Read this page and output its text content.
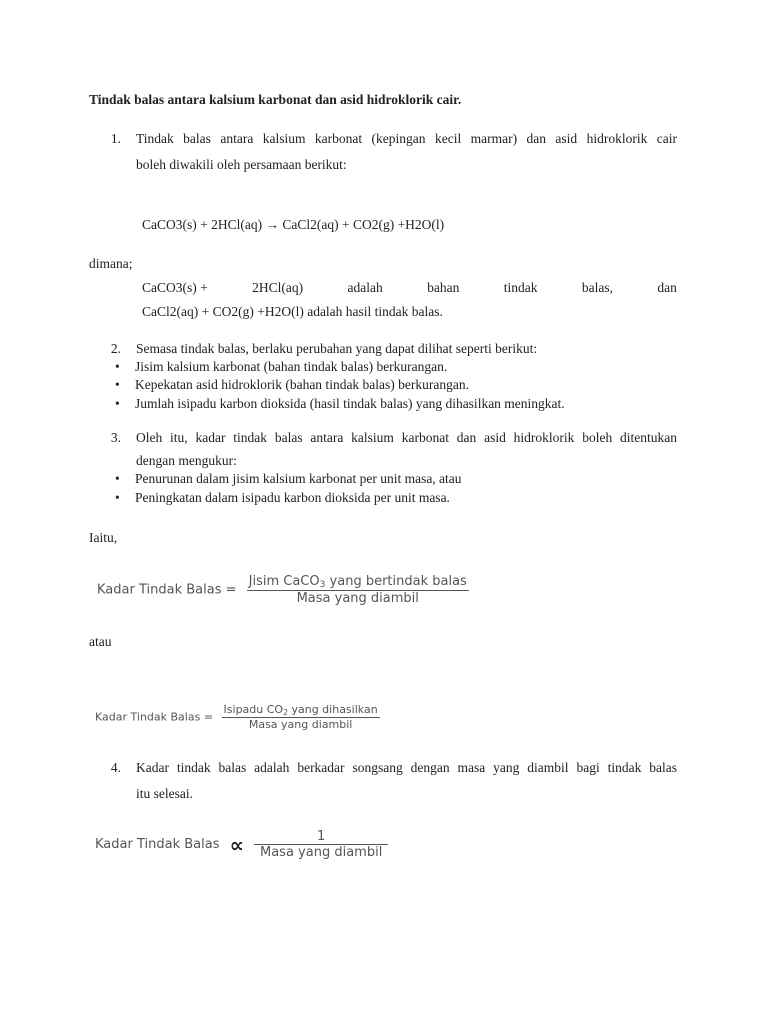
Tindak balas antara kalsium karbonat dan asid hidroklorik cair.
1. Tindak balas antara kalsium karbonat (kepingan kecil marmar) dan asid hidroklorik cair
boleh diwakili oleh persamaan berikut:
CaCO3(s) + 2HCl(aq) → CaCl2(aq) + CO2(g) +H2O(l)
dimana;
CaCO3(s) +	2HCl(aq)	adalah	bahan	tindak	balas,	dan
CaCl2(aq) + CO2(g) +H2O(l) adalah hasil tindak balas.
2. Semasa tindak balas, berlaku perubahan yang dapat dilihat seperti berikut:
• Jisim kalsium karbonat (bahan tindak balas) berkurangan.
• Kepekatan asid hidroklorik (bahan tindak balas) berkurangan.
• Jumlah isipadu karbon dioksida (hasil tindak balas) yang dihasilkan meningkat.
3. Oleh itu, kadar tindak balas antara kalsium karbonat dan asid hidroklorik boleh ditentukan
dengan mengukur:
• Penurunan dalam jisim kalsium karbonat per unit masa, atau
• Peningkatan dalam isipadu karbon dioksida per unit masa.
Iaitu,
Kadar Tindak Balas = $\frac{Jisim CaCO_3 yang bertindak balas}{\text{Masa yang diambil}}$
atau
Kadar Tindak Balas = $\frac{Isipadu CO_2 yang dihasilkan}{\text{Masa yang diambil}}$
4. Kadar tindak balas adalah berkadar songsang dengan masa yang diambil bagi tindak balas
itu selesai.
Kadar Tindak Balas ∝ $\frac{1}{\text{Masa yang diambil}}$
